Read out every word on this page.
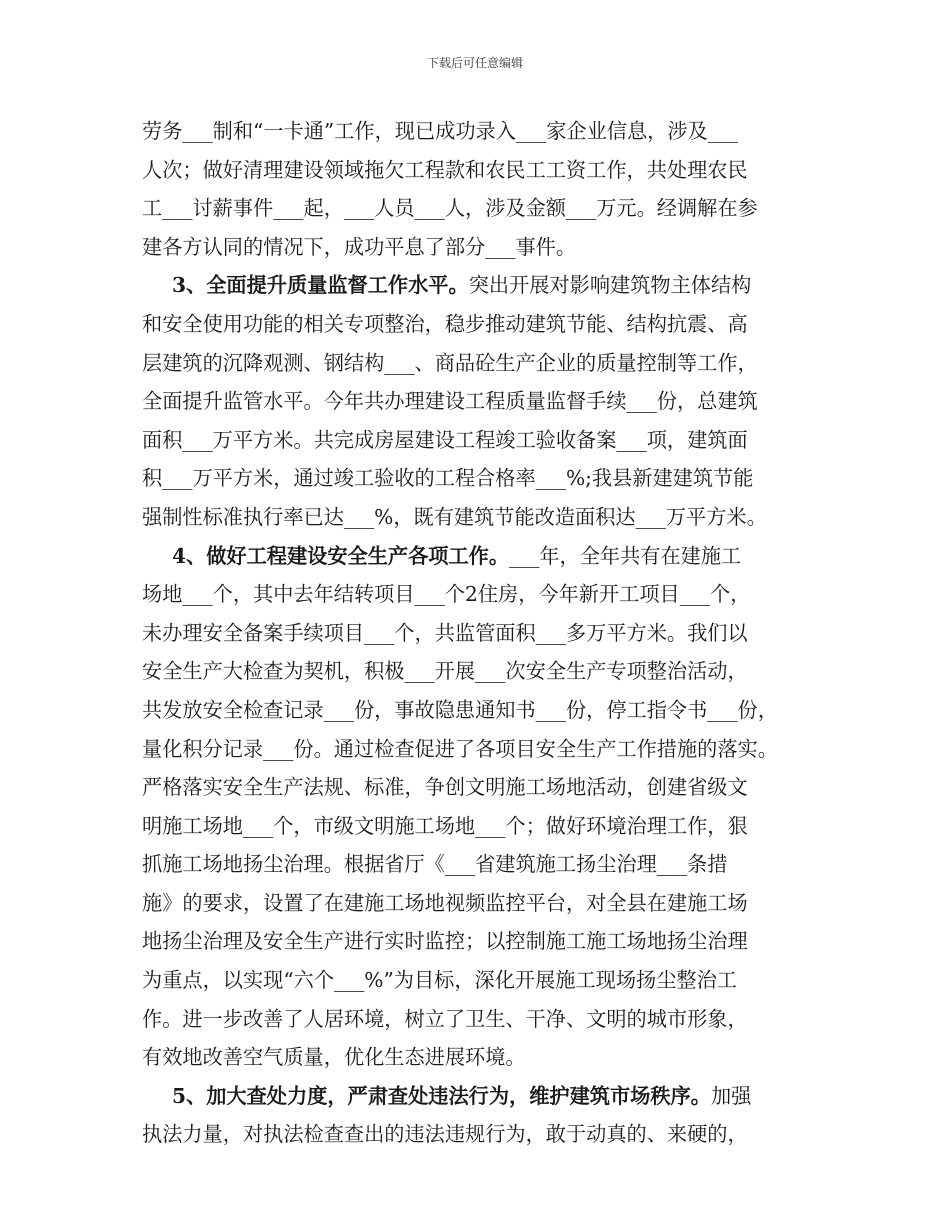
下载后可任意编辑
劳务___制和“一卡通”工作，现已成功录入___家企业信息，涉及___
人次；做好清理建设领域拖欠工程款和农民工工资工作，共处理农民
工___讨薪事件___起，___人员___人，涉及金额___万元。经调解在参
建各方认同的情况下，成功平息了部分___事件。
3、全面提升质量监督工作水平。突出开展对影响建筑物主体结构
和安全使用功能的相关专项整治，稳步推动建筑节能、结构抗震、高
层建筑的沉降观测、钢结构___、商品砼生产企业的质量控制等工作，
全面提升监管水平。今年共办理建设工程质量监督手续___份，总建筑
面积___万平方米。共完成房屋建设工程竣工验收备案___项，建筑面
积___万平方米，通过竣工验收的工程合格率___%;我县新建建筑节能
强制性标准执行率已达___%，既有建筑节能改造面积达___万平方米。
4、做好工程建设安全生产各项工作。___年，全年共有在建施工
场地___个，其中去年结转项目___个2住房，今年新开工项目___个，
未办理安全备案手续项目___个，共监管面积___多万平方米。我们以
安全生产大检查为契机，积极___开展___次安全生产专项整治活动，
共发放安全检查记录___份，事故隐患通知书___份，停工指令书___份，
量化积分记录___份。通过检查促进了各项目安全生产工作措施的落实。
严格落实安全生产法规、标准，争创文明施工场地活动，创建省级文
明施工场地___个，市级文明施工场地___个；做好环境治理工作，狠
抓施工场地扬尘治理。根据省厅《___省建筑施工扬尘治理___条措
施》的要求，设置了在建施工场地视频监控平台，对全县在建施工场
地扬尘治理及安全生产进行实时监控；以控制施工施工场地扬尘治理
为重点，以实现“六个___%”为目标，深化开展施工现场扬尘整治工
作。进一步改善了人居环境，树立了卫生、干净、文明的城市形象，
有效地改善空气质量，优化生态进展环境。
5、加大查处力度，严肃查处违法行为，维护建筑市场秩序。加强
执法力量，对执法检查查出的违法违规行为，敢于动真的、来硬的，
